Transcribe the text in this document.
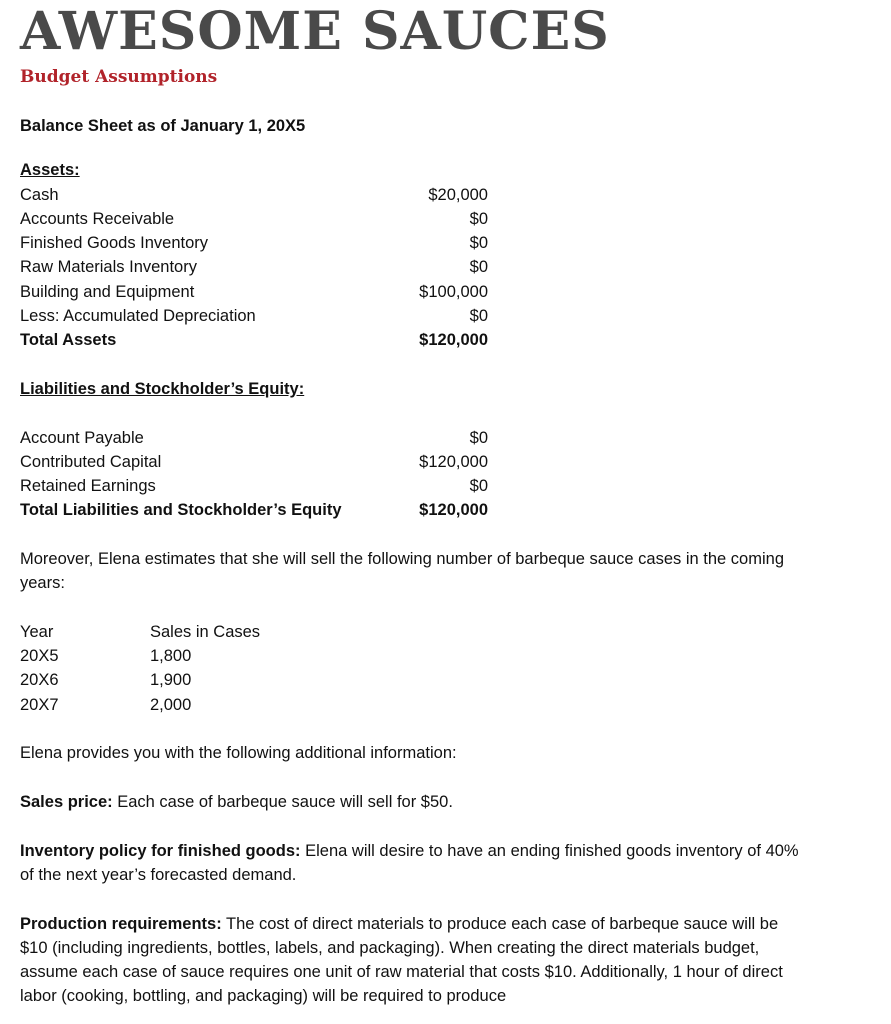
AWESOME SAUCES
Budget Assumptions
Balance Sheet as of January 1, 20X5
Assets:
Cash	$20,000
Accounts Receivable	$0
Finished Goods Inventory	$0
Raw Materials Inventory	$0
Building and Equipment	$100,000
Less: Accumulated Depreciation	$0
Total Assets	$120,000
Liabilities and Stockholder’s Equity:
Account Payable	$0
Contributed Capital	$120,000
Retained Earnings	$0
Total Liabilities and Stockholder’s Equity	$120,000

Moreover, Elena estimates that she will sell the following number of barbeque sauce cases in the coming years:

Year	Sales in Cases
20X5	1,800
20X6	1,900
20X7	2,000

Elena provides you with the following additional information:

Sales price: Each case of barbeque sauce will sell for $50.

Inventory policy for finished goods: Elena will desire to have an ending finished goods inventory of 40% of the next year’s forecasted demand.

Production requirements: The cost of direct materials to produce each case of barbeque sauce will be $10 (including ingredients, bottles, labels, and packaging). When creating the direct materials budget, assume each case of sauce requires one unit of raw material that costs $10. Additionally, 1 hour of direct labor (cooking, bottling, and packaging) will be required to produce
